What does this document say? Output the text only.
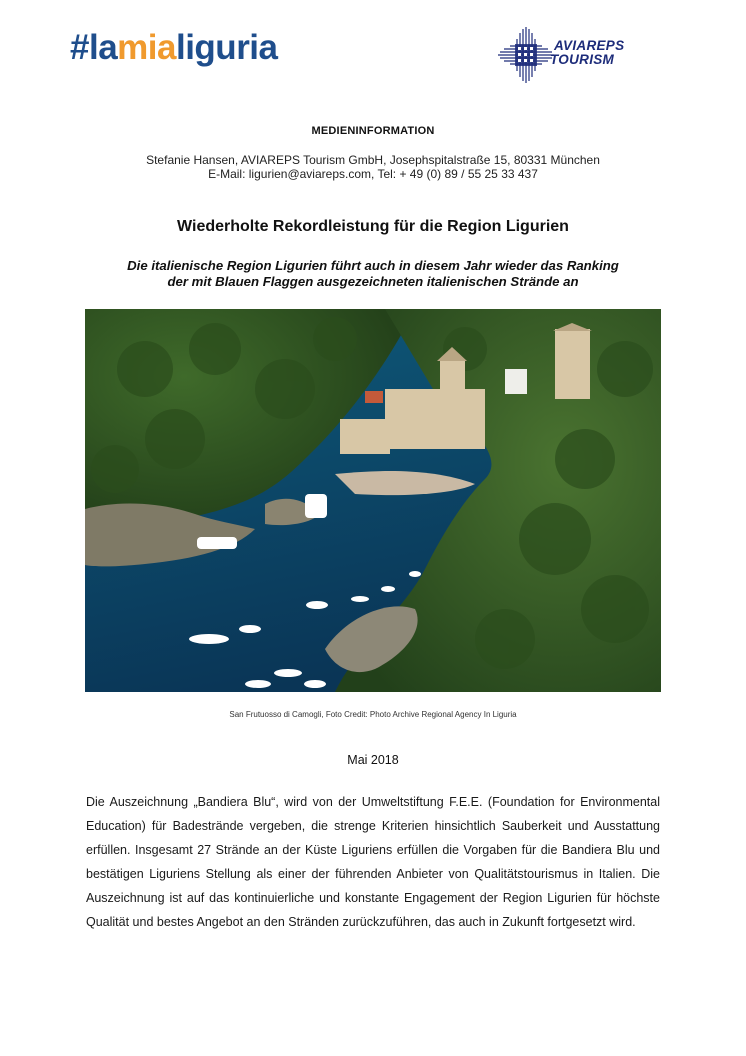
#lamialiguria	AVIAREPS
TOURISM
MEDIENINFORMATION
Stefanie Hansen, AVIAREPS Tourism GmbH, Josephspitalstraße 15, 80331 München
E-Mail: ligurien@aviareps.com, Tel: + 49 (0) 89 / 55 25 33 437
Wiederholte Rekordleistung für die Region Ligurien
Die italienische Region Ligurien führt auch in diesem Jahr wieder das Ranking
der mit Blauen Flaggen ausgezeichneten italienischen Strände an
San Frutuosso di Camogli, Foto Credit: Photo Archive Regional Agency In Liguria
Mai 2018
Die Auszeichnung „Bandiera Blu“, wird von der Umweltstiftung F.E.E. (Foundation for Environmental Education) für Badestrände vergeben, die strenge Kriterien hinsichtlich Sauberkeit und Ausstattung erfüllen. Insgesamt 27 Strände an der Küste Liguriens erfüllen die Vorgaben für die Bandiera Blu und bestätigen Liguriens Stellung als einer der führenden Anbieter von Qualitätstourismus in Italien. Die Auszeichnung ist auf das kontinuierliche und konstante Engagement der Region Ligurien für höchste Qualität und bestes Angebot an den Stränden zurückzuführen, das auch in Zukunft fortgesetzt wird.
